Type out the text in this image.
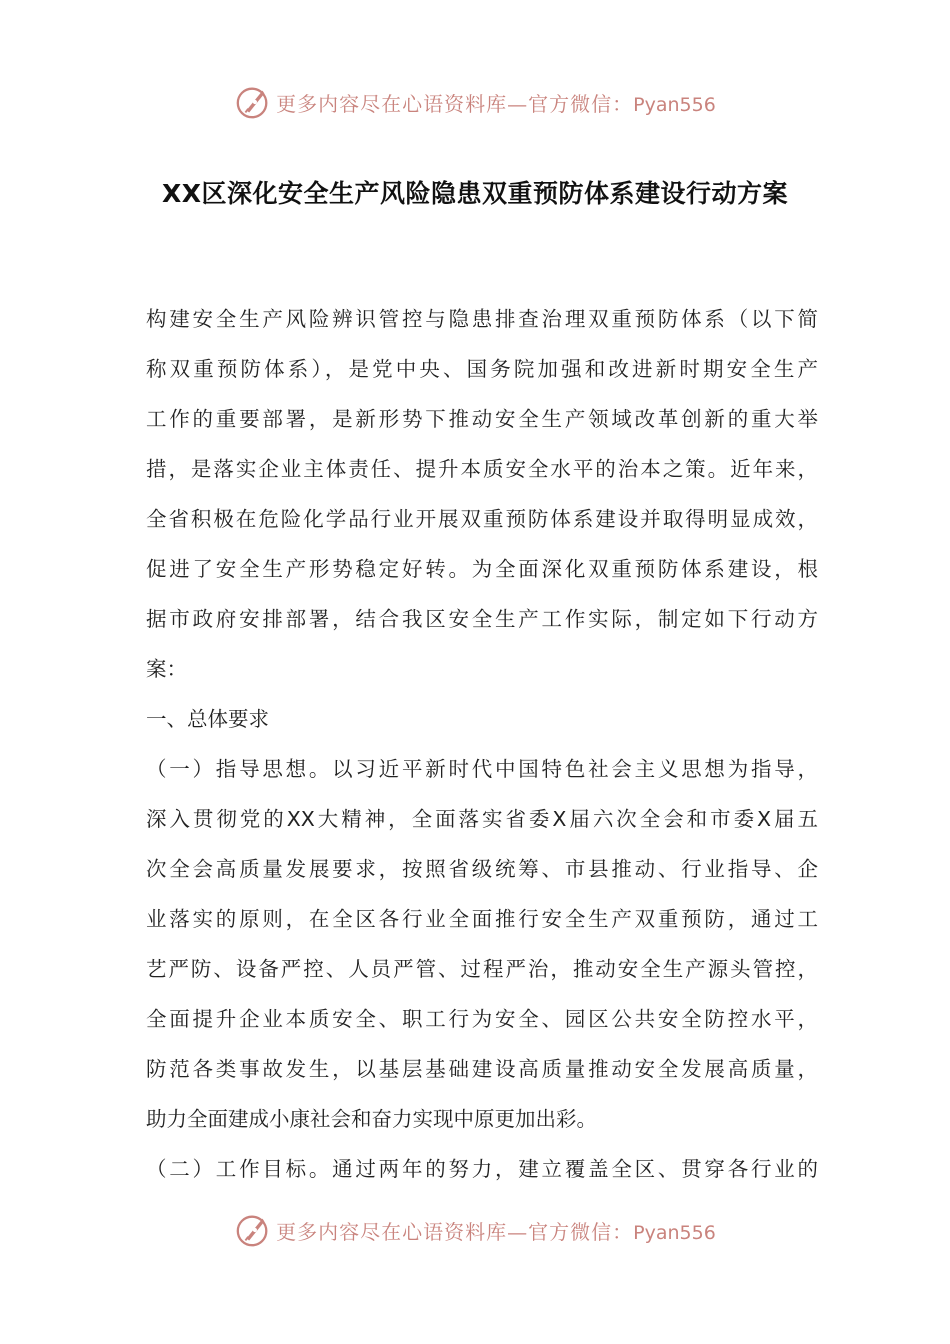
更多内容尽在心语资料库—官方微信：Pyan556
XX区深化安全生产风险隐患双重预防体系建设行动方案
构建安全生产风险辨识管控与隐患排查治理双重预防体系（以下简
称双重预防体系），是党中央、国务院加强和改进新时期安全生产
工作的重要部署，是新形势下推动安全生产领域改革创新的重大举
措，是落实企业主体责任、提升本质安全水平的治本之策。近年来，
全省积极在危险化学品行业开展双重预防体系建设并取得明显成效，
促进了安全生产形势稳定好转。为全面深化双重预防体系建设，根
据市政府安排部署，结合我区安全生产工作实际，制定如下行动方
案：
一、总体要求
（一）指导思想。以习近平新时代中国特色社会主义思想为指导，
深入贯彻党的XX大精神，全面落实省委X届六次全会和市委X届五
次全会高质量发展要求，按照省级统筹、市县推动、行业指导、企
业落实的原则，在全区各行业全面推行安全生产双重预防，通过工
艺严防、设备严控、人员严管、过程严治，推动安全生产源头管控，
全面提升企业本质安全、职工行为安全、园区公共安全防控水平，
防范各类事故发生，以基层基础建设高质量推动安全发展高质量，
助力全面建成小康社会和奋力实现中原更加出彩。
（二）工作目标。通过两年的努力，建立覆盖全区、贯穿各行业的
更多内容尽在心语资料库—官方微信：Pyan556
